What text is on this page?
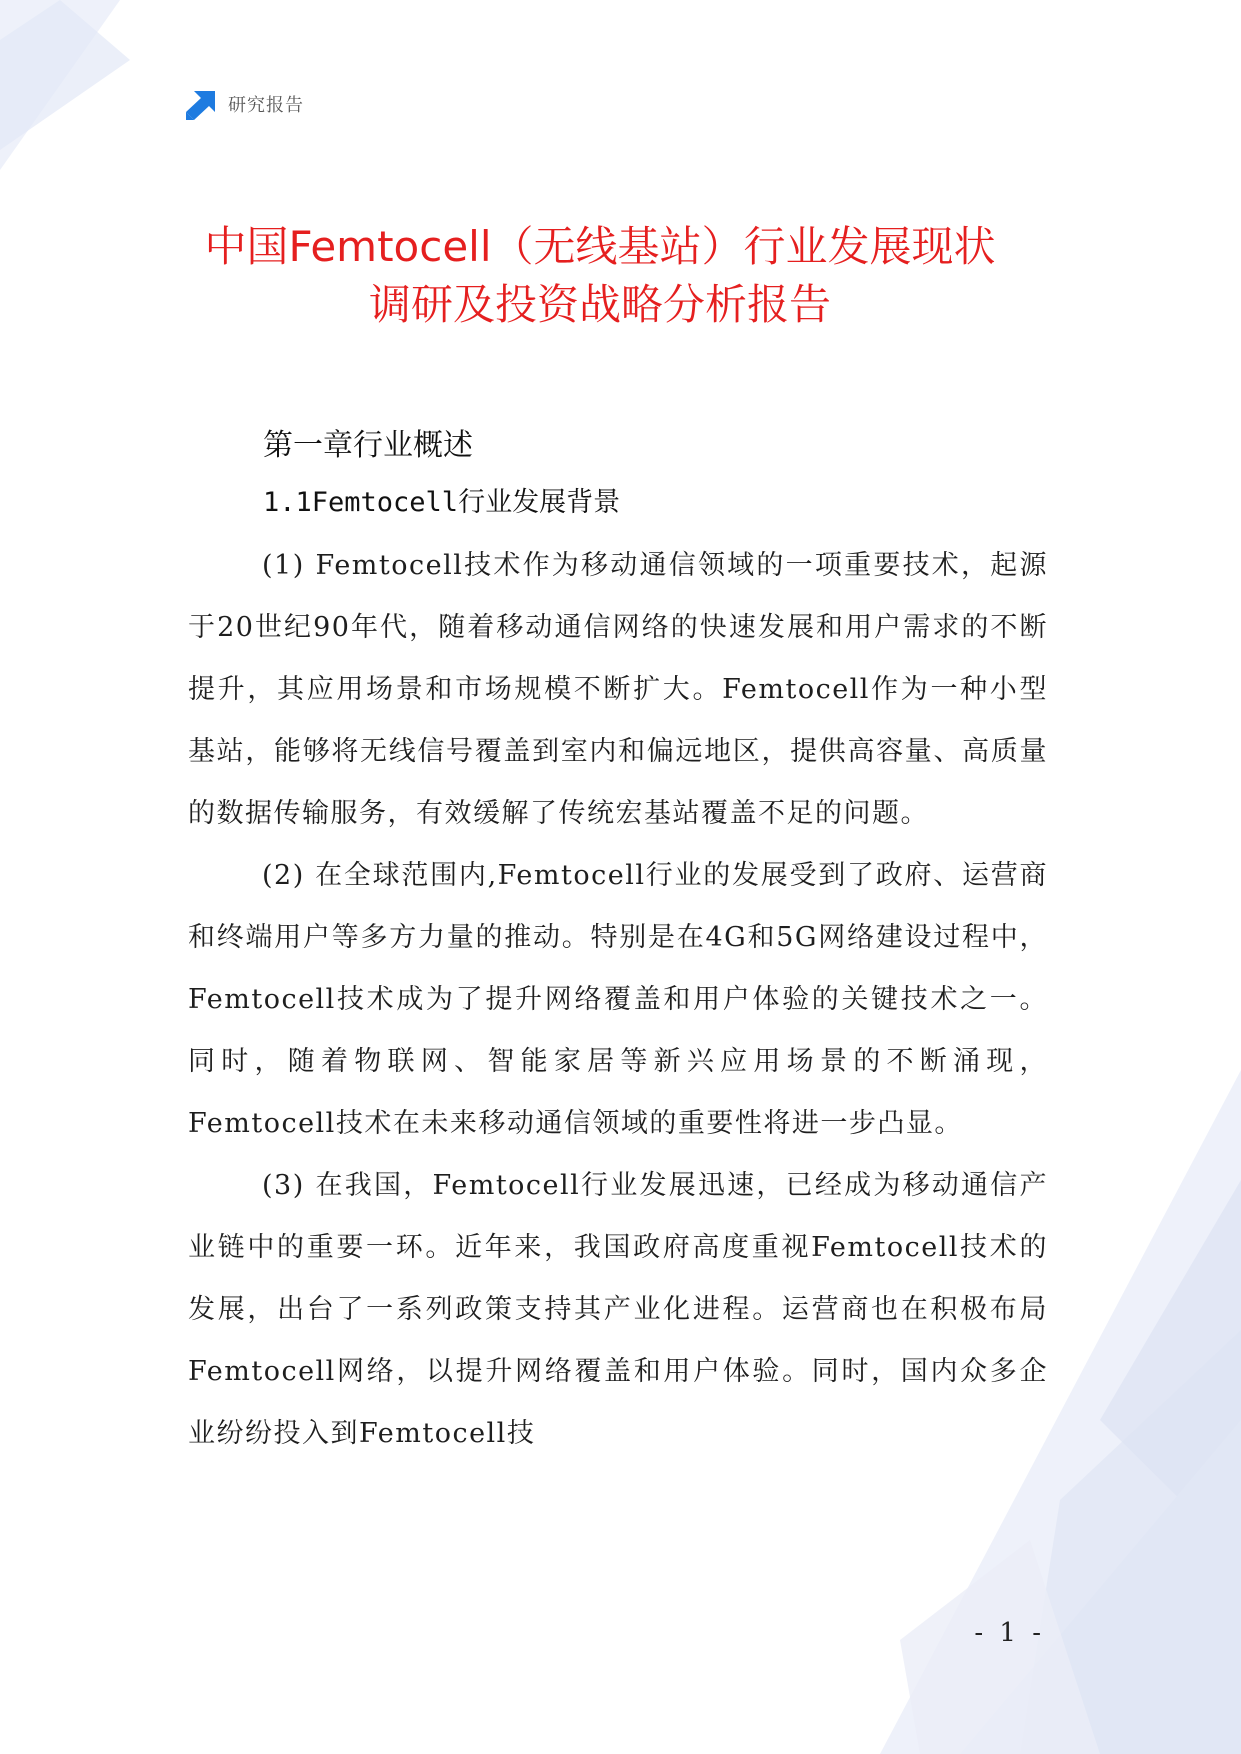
研究报告
中国Femtocell（无线基站）行业发展现状
调研及投资战略分析报告
第一章行业概述
1.1Femtocell行业发展背景

(1) Femtocell技术作为移动通信领域的一项重要技术，起源于20世纪90年代，随着移动通信网络的快速发展和用户需求的不断提升，其应用场景和市场规模不断扩大。Femtocell作为一种小型基站，能够将无线信号覆盖到室内和偏远地区，提供高容量、高质量的数据传输服务，有效缓解了传统宏基站覆盖不足的问题。

(2) 在全球范围内,Femtocell行业的发展受到了政府、运营商和终端用户等多方力量的推动。特别是在4G和5G网络建设过程中，Femtocell技术成为了提升网络覆盖和用户体验的关键技术之一。同时，随着物联网、智能家居等新兴应用场景的不断涌现，Femtocell技术在未来移动通信领域的重要性将进一步凸显。

(3) 在我国，Femtocell行业发展迅速，已经成为移动通信产业链中的重要一环。近年来，我国政府高度重视Femtocell技术的发展，出台了一系列政策支持其产业化进程。运营商也在积极布局Femtocell网络，以提升网络覆盖和用户体验。同时，国内众多企业纷纷投入到Femtocell技

- 1 -
